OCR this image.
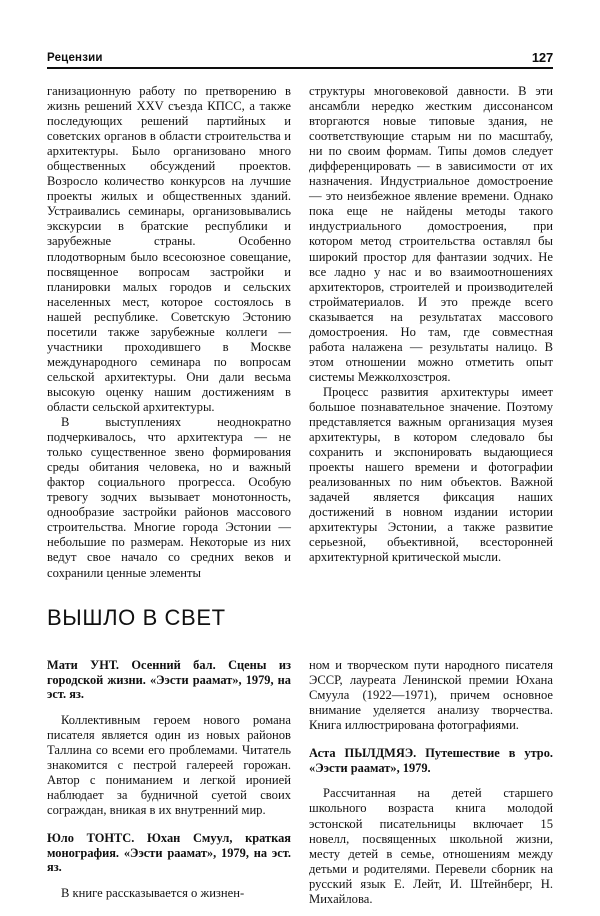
Рецензии	127

ганизационную работу по претворению в жизнь решений XXV съезда КПСС, а также последующих решений партийных и советских органов в области строительства и архитектуры. Было организовано много общественных обсуждений проектов. Возросло количество конкурсов на лучшие проекты жилых и общественных зданий. Устраивались семинары, организовывались экскурсии в братские республики и зарубежные страны. Особенно плодотворным было всесоюзное совещание, посвященное вопросам застройки и планировки малых городов и сельских населенных мест, которое состоялось в нашей республике. Советскую Эстонию посетили также зарубежные коллеги — участники проходившего в Москве международного семинара по вопросам сельской архитектуры. Они дали весьма высокую оценку нашим достижениям в области сельской архитектуры.

В выступлениях неоднократно подчеркивалось, что архитектура — не только существенное звено формирования среды обитания человека, но и важный фактор социального прогресса. Особую тревогу зодчих вызывает монотонность, однообразие застройки районов массового строительства. Многие города Эстонии — небольшие по размерам. Некоторые из них ведут свое начало со средних веков и сохранили ценные элементы

структуры многовековой давности. В эти ансамбли нередко жестким диссонансом вторгаются новые типовые здания, не соответствующие старым ни по масштабу, ни по своим формам. Типы домов следует дифференцировать — в зависимости от их назначения. Индустриальное домостроение — это неизбежное явление времени. Однако пока еще не найдены методы такого индустриального домостроения, при котором метод строительства оставлял бы широкий простор для фантазии зодчих. Не все ладно у нас и во взаимоотношениях архитекторов, строителей и производителей стройматериалов. И это прежде всего сказывается на результатах массового домостроения. Но там, где совместная работа налажена — результаты налицо. В этом отношении можно отметить опыт системы Межколхозстроя.

Процесс развития архитектуры имеет большое познавательное значение. Поэтому представляется важным организация музея архитектуры, в котором следовало бы сохранить и экспонировать выдающиеся проекты нашего времени и фотографии реализованных по ним объектов. Важной задачей является фиксация наших достижений в новном издании истории архитектуры Эстонии, а также развитие серьезной, объективной, всесторонней архитектурной критической мысли.

ВЫШЛО В СВЕТ

Мати УНТ. Осенний бал. Сцены из городской жизни. «Ээсти раамат», 1979, на эст. яз.

Коллективным героем нового романа писателя является один из новых районов Таллина со всеми его проблемами. Читатель знакомится с пестрой галереей горожан. Автор с пониманием и легкой иронией наблюдает за будничной суетой своих сограждан, вникая в их внутренний мир.

Юло ТОНТС. Юхан Смуул, краткая монография. «Ээсти раамат», 1979, на эст. яз.

В книге рассказывается о жизнен-

ном и творческом пути народного писателя ЭССР, лауреата Ленинской премии Юхана Смуула (1922—1971), причем основное внимание уделяется анализу творчества. Книга иллюстрирована фотографиями.

Аста ПЫЛДМЯЭ. Путешествие в утро. «Ээсти раамат», 1979.

Рассчитанная на детей старшего школьного возраста книга молодой эстонской писательницы включает 15 новелл, посвященных школьной жизни, месту детей в семье, отношениям между детьми и родителями. Перевели сборник на русский язык Е. Лейт, И. Штейнберг, Н. Михайлова.
